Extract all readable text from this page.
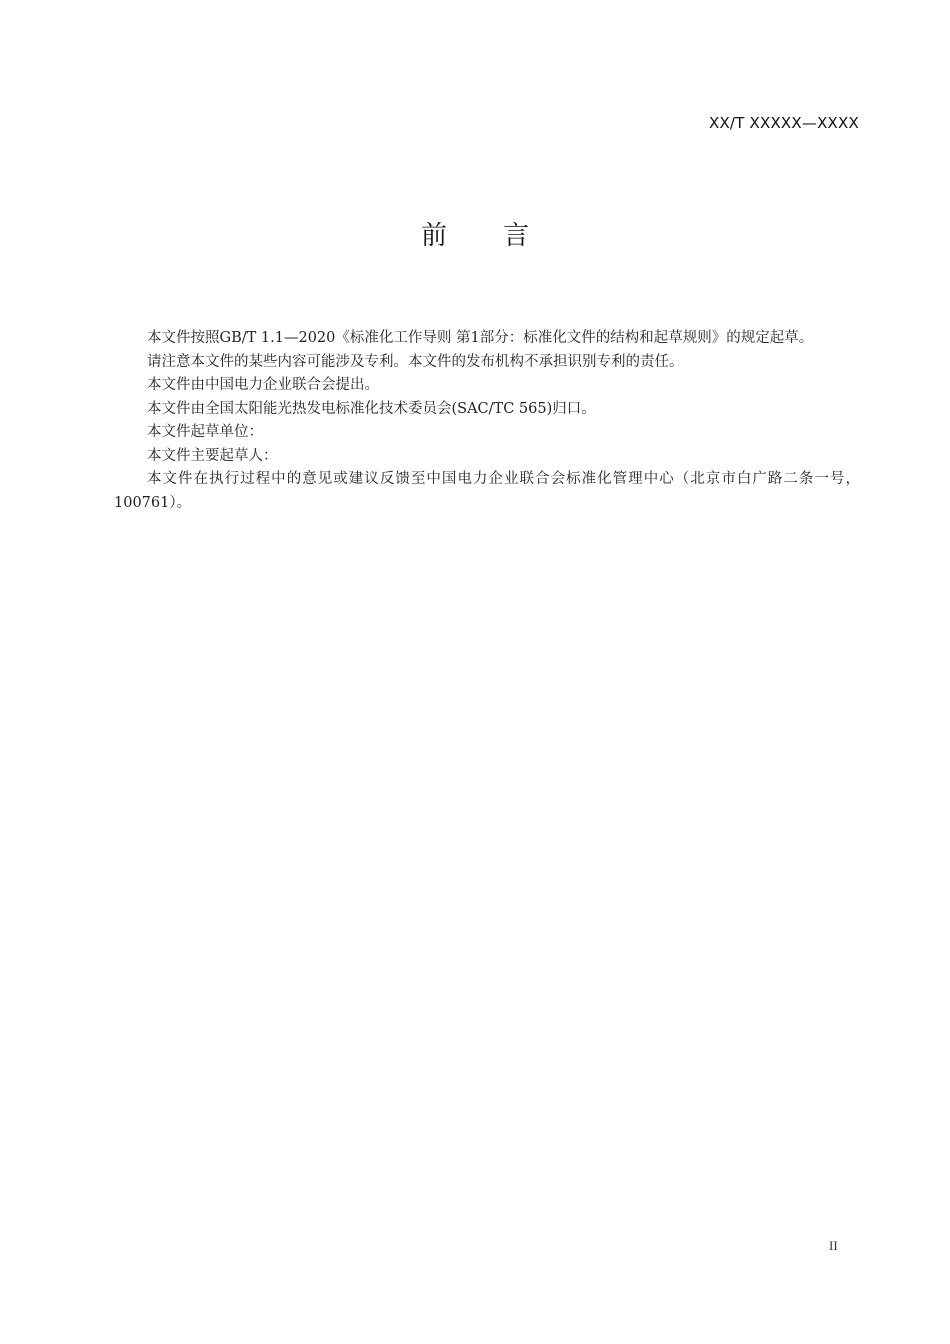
XX/T XXXXX—XXXX
前 言

本文件按照GB/T 1.1—2020《标准化工作导则 第1部分：标准化文件的结构和起草规则》的规定起草。

请注意本文件的某些内容可能涉及专利。本文件的发布机构不承担识别专利的责任。

本文件由中国电力企业联合会提出。

本文件由全国太阳能光热发电标准化技术委员会(SAC/TC 565)归口。

本文件起草单位：

本文件主要起草人：

本文件在执行过程中的意见或建议反馈至中国电力企业联合会标准化管理中心（北京市白广路二条一号，100761）。

II
